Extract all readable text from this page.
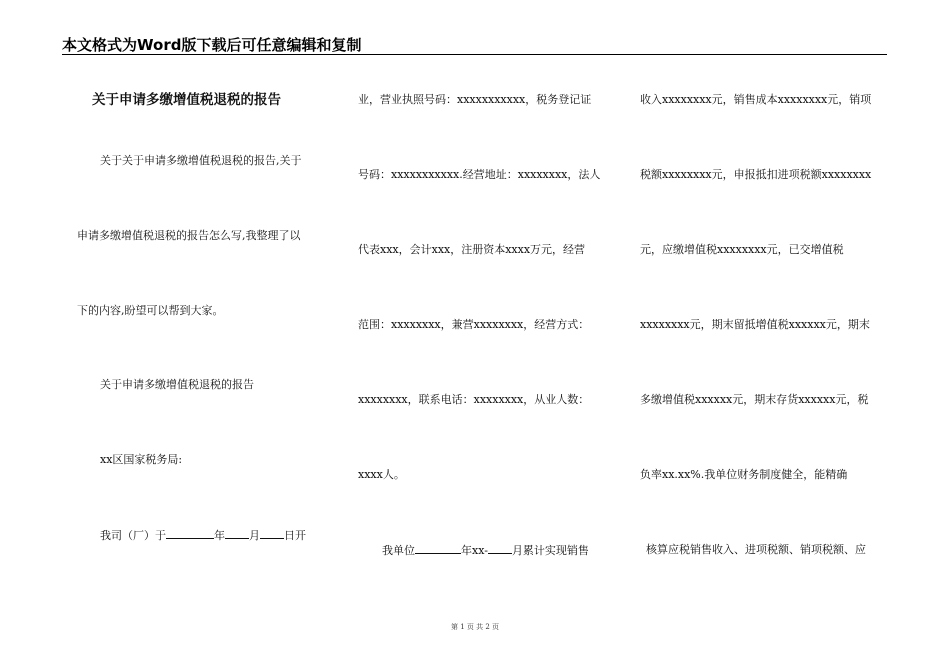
本文格式为Word版下载后可任意编辑和复制
关于申请多缴增值税退税的报告
关于关于申请多缴增值税退税的报告,关于
申请多缴增值税退税的报告怎么写,我整理了以
下的内容,盼望可以帮到大家。
关于申请多缴增值税退税的报告
xx区国家税务局:
我司（厂）于	年 月 日开
业，营业执照号码：xxxxxxxxxxx，税务登记证
号码：xxxxxxxxxxx.经营地址：xxxxxxxx，法人
代表xxx，会计xxx，注册资本xxxx万元，经营
范围：xxxxxxxx，兼营xxxxxxxx，经营方式：
xxxxxxxx，联系电话：xxxxxxxx，从业人数：
xxxx人。
我单位	年xx- 月累计实现销售
收入xxxxxxxx元，销售成本xxxxxxxx元，销项
税额xxxxxxxx元，申报抵扣进项税额xxxxxxxx
元，应缴增值税xxxxxxxx元，已交增值税
xxxxxxxx元，期末留抵增值税xxxxxx元，期末
多缴增值税xxxxxx元，期末存货xxxxxx元，税
负率xx.xx%.我单位财务制度健全，能精确
核算应税销售收入、进项税额、销项税额、应
第 1 页 共 2 页
